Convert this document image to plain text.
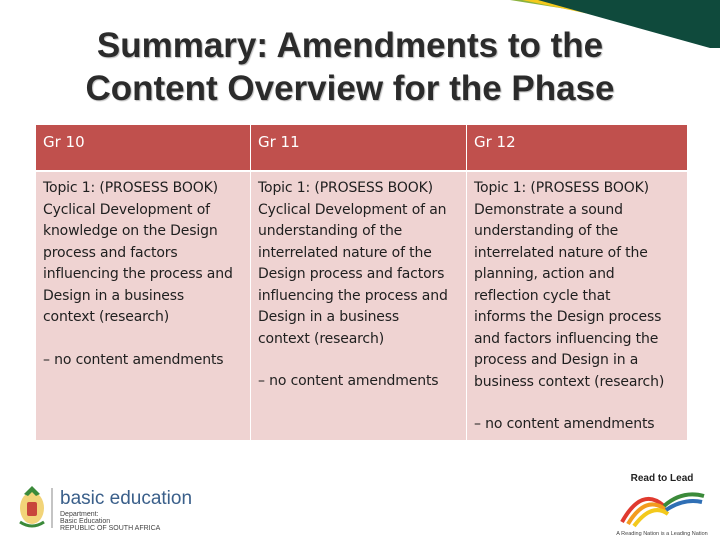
Summary: Amendments to the
Content Overview for the Phase
Gr 10	Gr 11	Gr 12
Topic 1: (PROSESS BOOK)
Cyclical Development of
knowledge on the Design
process and factors
influencing the process and
Design in a business
context (research)
– no content amendments
Topic 1: (PROSESS BOOK)
Cyclical Development of an
understanding of the
interrelated nature of the
Design process and factors
influencing the process and
Design in a business
context (research)
– no content amendments
Topic 1: (PROSESS BOOK)
Demonstrate a sound
understanding of the
interrelated nature of the
planning, action and
reflection cycle that
informs the Design process
and factors influencing the
process and Design in a
business context (research)
– no content amendments
basic education
Department:
Basic Education
REPUBLIC OF SOUTH AFRICA
Read to Lead
A Reading Nation is a Leading Nation
